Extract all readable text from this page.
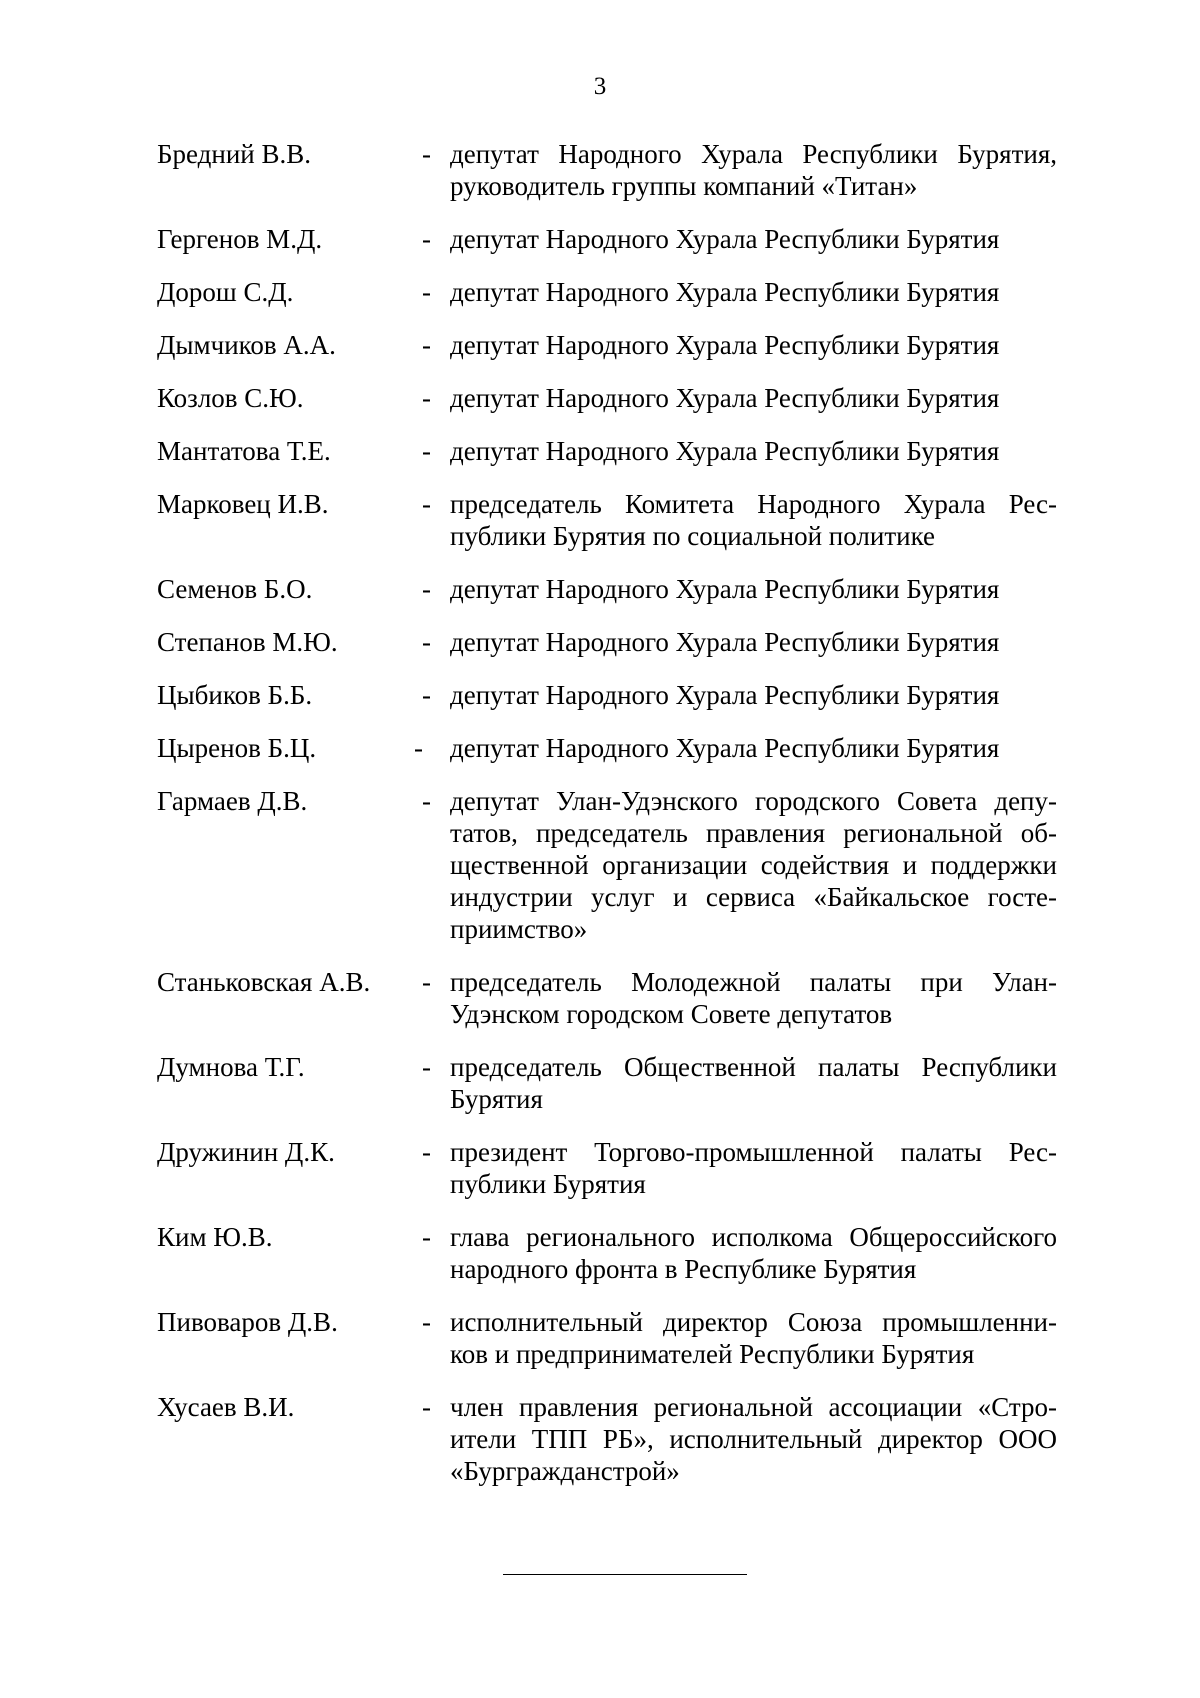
3
Бредний В.В.	- депутат Народного Хурала Республики Бурятия,
руководитель группы компаний «Титан»
Гергенов М.Д.	- депутат Народного Хурала Республики Бурятия
Дорош С.Д.	- депутат Народного Хурала Республики Бурятия
Дымчиков А.А.	- депутат Народного Хурала Республики Бурятия
Козлов С.Ю.	- депутат Народного Хурала Республики Бурятия
Мантатова Т.Е.	- депутат Народного Хурала Республики Бурятия
Марковец И.В.	- председатель Комитета Народного Хурала Рес-
публики Бурятия по социальной политике
Семенов Б.О.	- депутат Народного Хурала Республики Бурятия
Степанов М.Ю.	- депутат Народного Хурала Республики Бурятия
Цыбиков Б.Б.	- депутат Народного Хурала Республики Бурятия
Цыренов Б.Ц.	-	депутат Народного Хурала Республики Бурятия
Гармаев Д.В.	- депутат Улан-Удэнского городского Совета депу-
татов, председатель правления региональной об-
щественной организации содействия и поддержки
индустрии услуг и сервиса «Байкальское госте-
приимство»
Станьковская А.В.	- председатель Молодежной палаты при Улан-
Удэнском городском Совете депутатов
Думнова Т.Г.	- председатель Общественной палаты Республики
Бурятия
Дружинин Д.К.	- президент Торгово-промышленной палаты Рес-
публики Бурятия
Ким Ю.В.	- глава регионального исполкома Общероссийского
народного фронта в Республике Бурятия
Пивоваров Д.В.	- исполнительный директор Союза промышленни-
ков и предпринимателей Республики Бурятия
Хусаев В.И.	- член правления региональной ассоциации «Стро-
ители ТПП РБ», исполнительный директор ООО
«Бурграждaнстрой»
